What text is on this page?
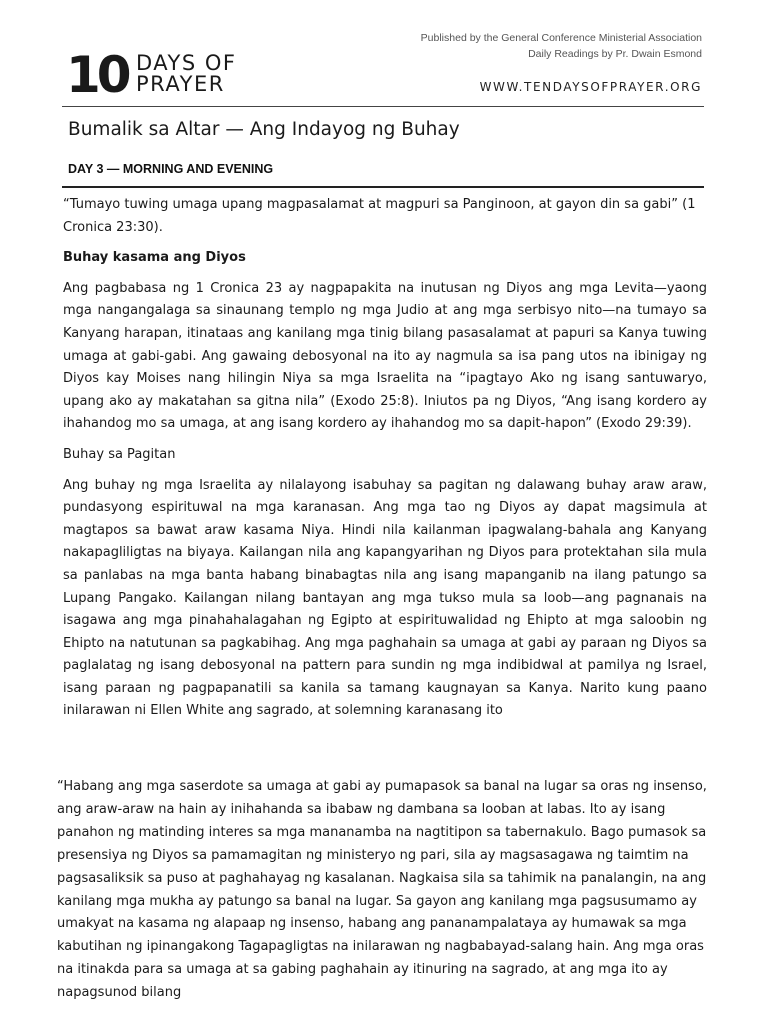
10 DAYS OF
PRAYER
Published by the General Conference Ministerial Association
Daily Readings by Pr. Dwain Esmond
WWW.TENDAYSOFPRAYER.ORG
Bumalik sa Altar — Ang Indayog ng Buhay
DAY 3 — MORNING AND EVENING

“Tumayo tuwing umaga upang magpasalamat at magpuri sa Panginoon, at gayon din sa gabi” (1 Cronica 23:30).

Buhay kasama ang Diyos

Ang pagbabasa ng 1 Cronica 23 ay nagpapakita na inutusan ng Diyos ang mga Levita—yaong mga nangangalaga sa sinaunang templo ng mga Judio at ang mga serbisyo nito—na tumayo sa Kanyang harapan, itinataas ang kanilang mga tinig bilang pasasalamat at papuri sa Kanya tuwing umaga at gabi-gabi. Ang gawaing debosyonal na ito ay nagmula sa isa pang utos na ibinigay ng Diyos kay Moises nang hilingin Niya sa mga Israelita na “ipagtayo Ako ng isang santuwaryo, upang ako ay makatahan sa gitna nila” (Exodo 25:8). Iniutos pa ng Diyos, “Ang isang kordero ay ihahandog mo sa umaga, at ang isang kordero ay ihahandog mo sa dapit-hapon” (Exodo 29:39).

Buhay sa Pagitan

Ang buhay ng mga Israelita ay nilalayong isabuhay sa pagitan ng dalawang buhay araw araw, pundasyong espirituwal na mga karanasan. Ang mga tao ng Diyos ay dapat magsimula at magtapos sa bawat araw kasama Niya. Hindi nila kailanman ipagwalang-bahala ang Kanyang nakapagliligtas na biyaya. Kailangan nila ang kapangyarihan ng Diyos para protektahan sila mula sa panlabas na mga banta habang binabagtas nila ang isang mapanganib na ilang patungo sa Lupang Pangako. Kailangan nilang bantayan ang mga tukso mula sa loob—ang pagnanais na isagawa ang mga pinahahalagahan ng Egipto at espirituwalidad ng Ehipto at mga saloobin ng Ehipto na natutunan sa pagkabihag. Ang mga paghahain sa umaga at gabi ay paraan ng Diyos sa paglalatag ng isang debosyonal na pattern para sundin ng mga indibidwal at pamilya ng Israel, isang paraan ng pagpapanatili sa kanila sa tamang kaugnayan sa Kanya. Narito kung paano inilarawan ni Ellen White ang sagrado, at solemning karanasang ito

“Habang ang mga saserdote sa umaga at gabi ay pumapasok sa banal na lugar sa oras ng insenso, ang araw-araw na hain ay inihahanda sa ibabaw ng dambana sa looban at labas. Ito ay isang panahon ng matinding interes sa mga mananamba na nagtitipon sa tabernakulo. Bago pumasok sa presensiya ng Diyos sa pamamagitan ng ministeryo ng pari, sila ay magsasagawa ng taimtim na pagsasaliksik sa puso at paghahayag ng kasalanan. Nagkaisa sila sa tahimik na panalangin, na ang kanilang mga mukha ay patungo sa banal na lugar. Sa gayon ang kanilang mga pagsusumamo ay umakyat na kasama ng alapaap ng insenso, habang ang pananampalataya ay humawak sa mga kabutihan ng ipinangakong Tagapagligtas na inilarawan ng nagbabayad-salang hain. Ang mga oras na itinakda para sa umaga at sa gabing paghahain ay itinuring na sagrado, at ang mga ito ay napagsunod bilang
